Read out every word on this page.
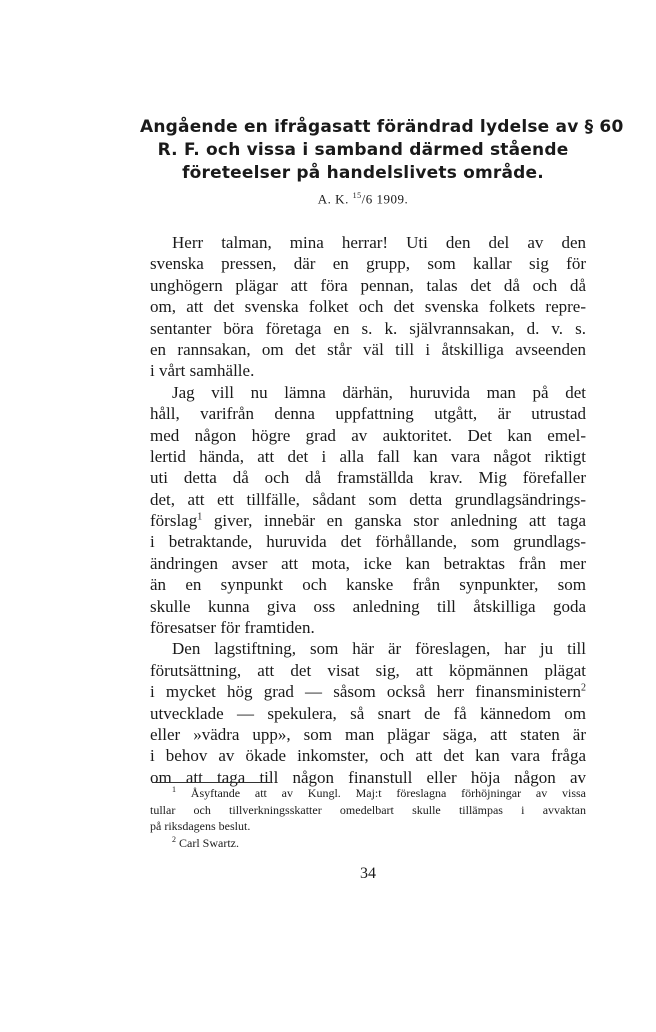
Angående en ifrågasatt förändrad lydelse av § 60
R. F. och vissa i samband därmed stående
företeelser på handelslivets område.
A. K. $^{15}$/6 1909.
Herr talman, mina herrar! Uti den del av den
svenska pressen, där en grupp, som kallar sig för
unghögern plägar att föra pennan, talas det då och då
om, att det svenska folket och det svenska folkets repre-
sentanter böra företaga en s. k. självrannsakan, d. v. s.
en rannsakan, om det står väl till i åtskilliga avseenden
i vårt samhälle.
Jag vill nu lämna därhän, huruvida man på det
håll, varifrån denna uppfattning utgått, är utrustad
med någon högre grad av auktoritet. Det kan emel-
lertid hända, att det i alla fall kan vara något riktigt
uti detta då och då framställda krav. Mig förefaller
det, att ett tillfälle, sådant som detta grundlagsändrings-
förslag$^1$ giver, innebär en ganska stor anledning att taga
i betraktande, huruvida det förhållande, som grundlags-
ändringen avser att mota, icke kan betraktas från mer
än en synpunkt och kanske från synpunkter, som
skulle kunna giva oss anledning till åtskilliga goda
föresatser för framtiden.
Den lagstiftning, som här är föreslagen, har ju till
förutsättning, att det visat sig, att köpmännen plägat
i mycket hög grad — såsom också herr finansministern$^2$
utvecklade — spekulera, så snart de få kännedom om
eller »vädra upp», som man plägar säga, att staten är
i behov av ökade inkomster, och att det kan vara fråga
om att taga till någon finanstull eller höja någon av
$^1$ Åsyftande att av Kungl. Maj:t föreslagna förhöjningar av vissa
tullar och tillverkningsskatter omedelbart skulle tillämpas i avvaktan
på riksdagens beslut.
$^2$ Carl Swartz.
34
